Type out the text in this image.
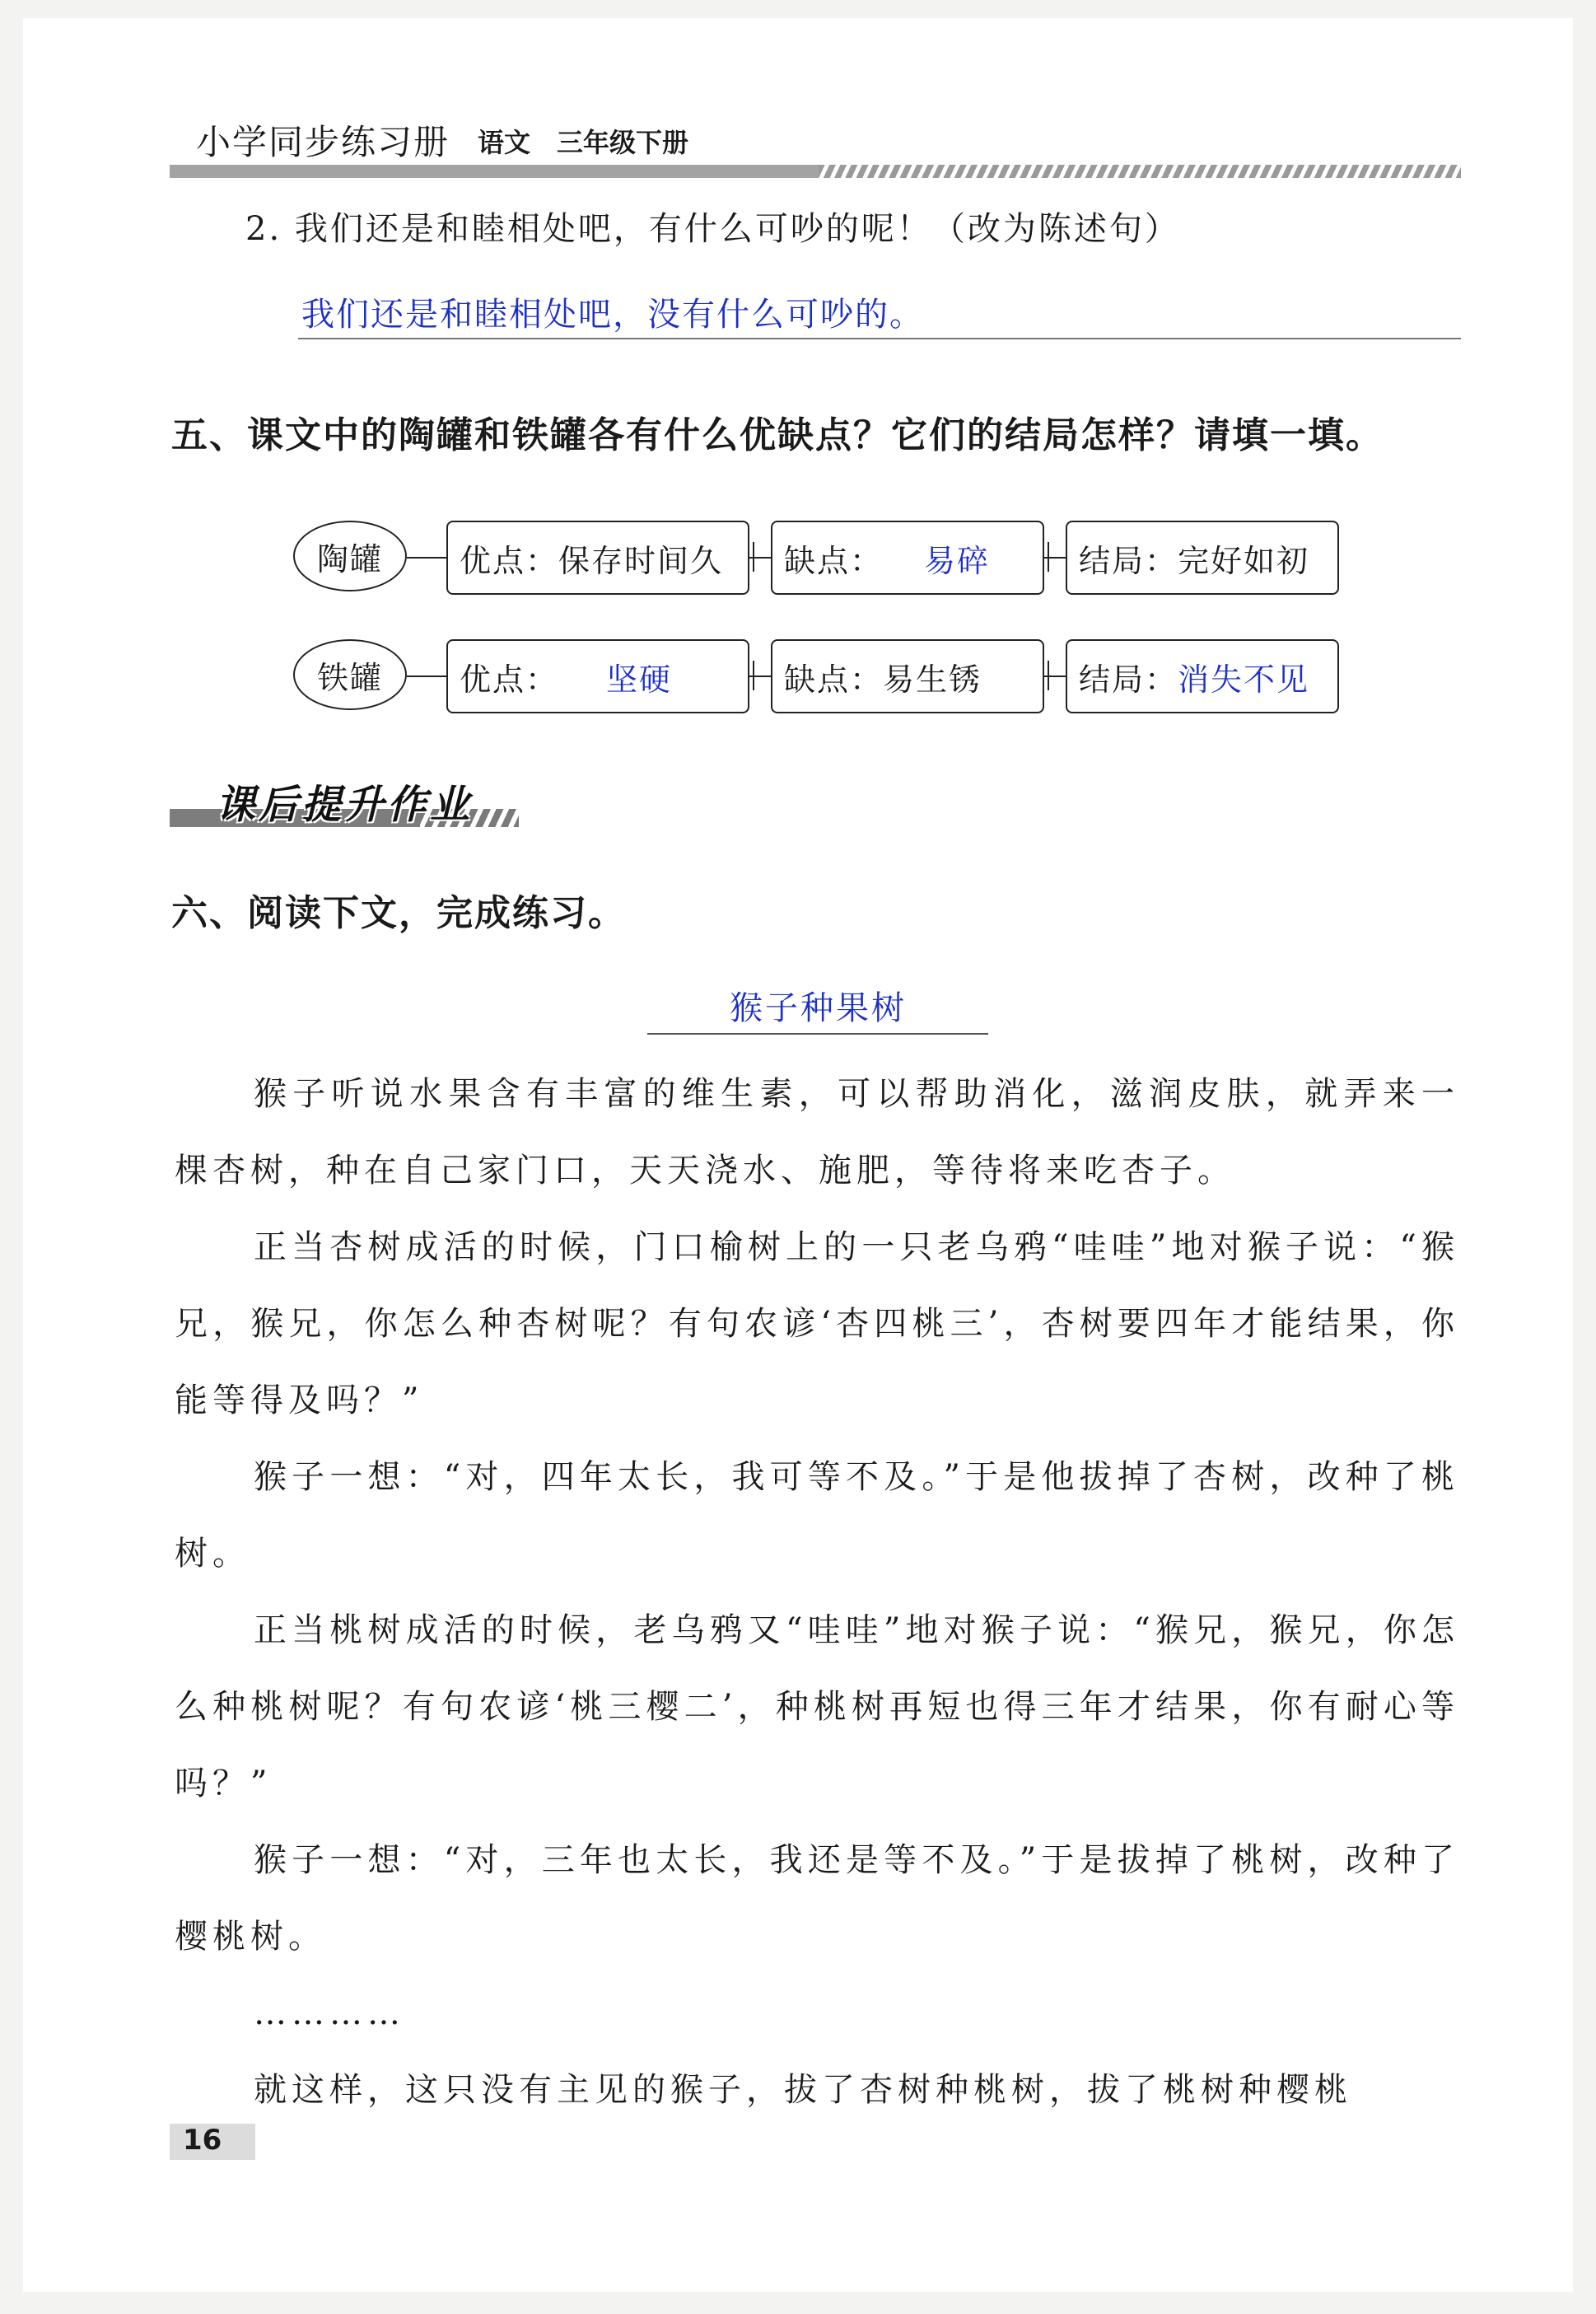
小学同步练习册 语文 三年级下册
2. 我们还是和睦相处吧，有什么可吵的呢！（改为陈述句）
我们还是和睦相处吧，没有什么可吵的。
五、课文中的陶罐和铁罐各有什么优缺点？它们的结局怎样？请填一填。
陶罐 优点： 保存时间久 缺点： 易碎	结局： 完好如初
铁罐 优点： 坚硬	缺点： 易生锈	结局： 消失不见
课后提升作业
六、阅读下文，完成练习。
猴子种果树
猴子听说水果含有丰富的维生素，可以帮助消化，滋润皮肤，就弄来一棵杏树，种在自己家门口，天天浇水、施肥，等待将来吃杏子。
正当杏树成活的时候，门口榆树上的一只老乌鸦“哇哇”地对猴子说：“猴兄，猴兄，你怎么种杏树呢？有句农谚‘杏四桃三’，杏树要四年才能结果，你能等得及吗？”
猴子一想：“对，四年太长，我可等不及。”于是他拔掉了杏树，改种了桃树。
正当桃树成活的时候，老乌鸦又“哇哇”地对猴子说：“猴兄，猴兄，你怎么种桃树呢？有句农谚‘桃三樱二’，种桃树再短也得三年才结果，你有耐心等吗？”
猴子一想：“对，三年也太长，我还是等不及。”于是拔掉了桃树，改种了樱桃树。
…………
就这样，这只没有主见的猴子，拔了杏树种桃树，拔了桃树种樱桃
16
